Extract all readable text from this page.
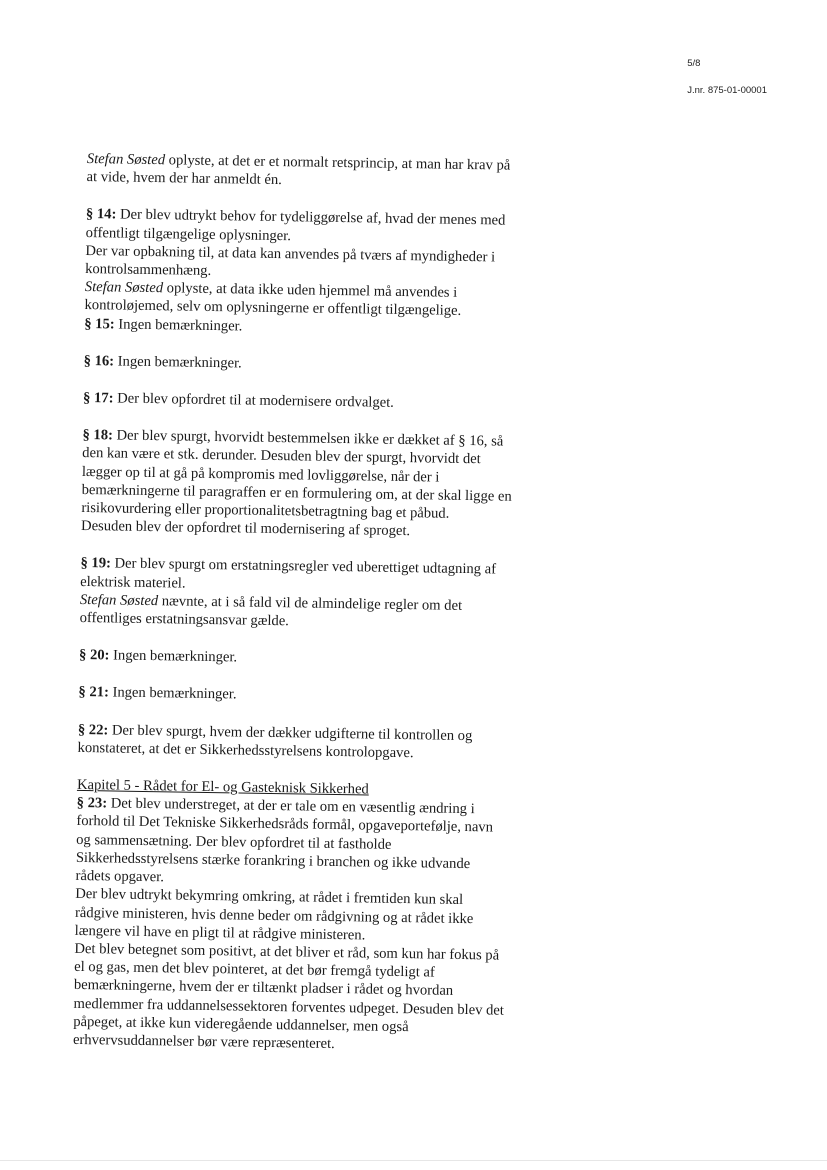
5/8
J.nr. 875-01-00001
Stefan Søsted oplyste, at det er et normalt retsprincip, at man har krav på
at vide, hvem der har anmeldt én.
§ 14: Der blev udtrykt behov for tydeliggørelse af, hvad der menes med
offentligt tilgængelige oplysninger.
Der var opbakning til, at data kan anvendes på tværs af myndigheder i
kontrolsammenhæng.
Stefan Søsted oplyste, at data ikke uden hjemmel må anvendes i
kontroløjemed, selv om oplysningerne er offentligt tilgængelige.
§ 15: Ingen bemærkninger.
§ 16: Ingen bemærkninger.
§ 17: Der blev opfordret til at modernisere ordvalget.
§ 18: Der blev spurgt, hvorvidt bestemmelsen ikke er dækket af § 16, så
den kan være et stk. derunder. Desuden blev der spurgt, hvorvidt det
lægger op til at gå på kompromis med lovliggørelse, når der i
bemærkningerne til paragraffen er en formulering om, at der skal ligge en
risikovurdering eller proportionalitetsbetragtning bag et påbud.
Desuden blev der opfordret til modernisering af sproget.
§ 19: Der blev spurgt om erstatningsregler ved uberettiget udtagning af
elektrisk materiel.
Stefan Søsted nævnte, at i så fald vil de almindelige regler om det
offentliges erstatningsansvar gælde.
§ 20: Ingen bemærkninger.
§ 21: Ingen bemærkninger.
§ 22: Der blev spurgt, hvem der dækker udgifterne til kontrollen og
konstateret, at det er Sikkerhedsstyrelsens kontrolopgave.
Kapitel 5 - Rådet for El- og Gasteknisk Sikkerhed
§ 23: Det blev understreget, at der er tale om en væsentlig ændring i
forhold til Det Tekniske Sikkerhedsråds formål, opgaveportefølje, navn
og sammensætning. Der blev opfordret til at fastholde
Sikkerhedsstyrelsens stærke forankring i branchen og ikke udvande
rådets opgaver.
Der blev udtrykt bekymring omkring, at rådet i fremtiden kun skal
rådgive ministeren, hvis denne beder om rådgivning og at rådet ikke
længere vil have en pligt til at rådgive ministeren.
Det blev betegnet som positivt, at det bliver et råd, som kun har fokus på
el og gas, men det blev pointeret, at det bør fremgå tydeligt af
bemærkningerne, hvem der er tiltænkt pladser i rådet og hvordan
medlemmer fra uddannelsessektoren forventes udpeget. Desuden blev det
påpeget, at ikke kun videregående uddannelser, men også
erhvervsuddannelser bør være repræsenteret.
